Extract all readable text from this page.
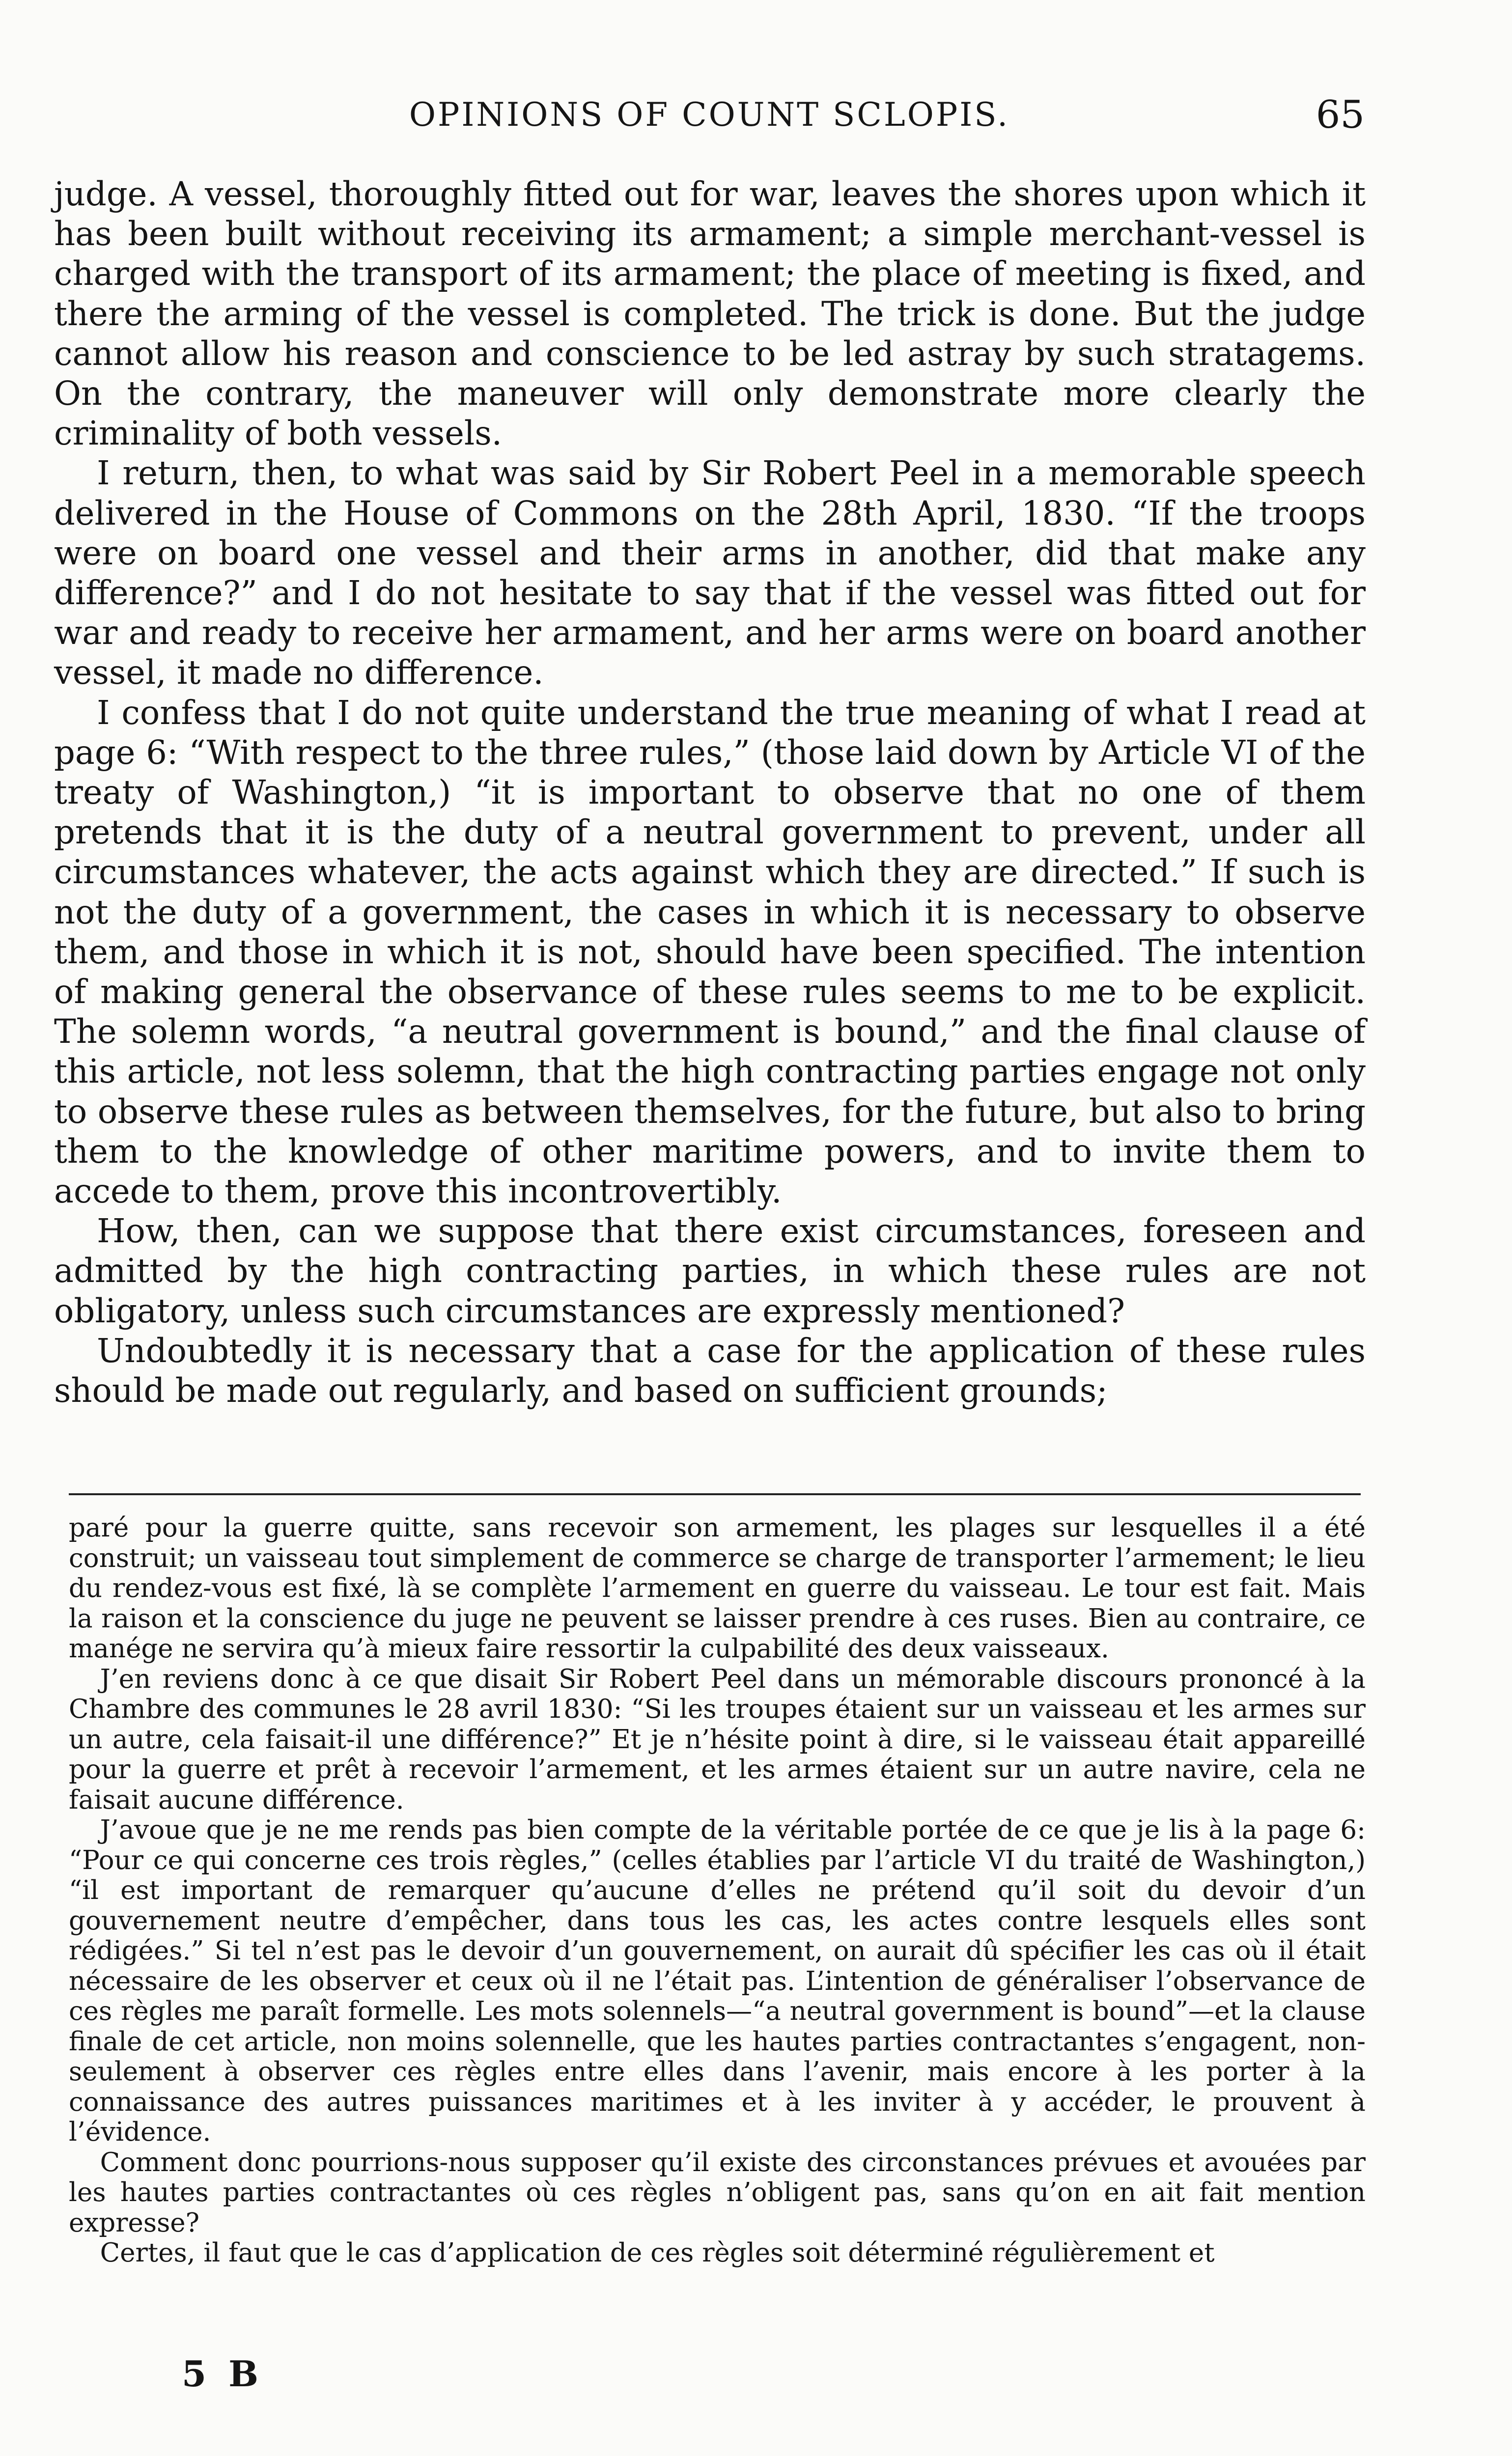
OPINIONS OF COUNT SCLOPIS.	65

judge. A vessel, thoroughly fitted out for war, leaves the shores upon which it has been built without receiving its armament; a simple merchant-vessel is charged with the transport of its armament; the place of meeting is fixed, and there the arming of the vessel is completed. The trick is done. But the judge cannot allow his reason and conscience to be led astray by such stratagems. On the contrary, the maneuver will only demonstrate more clearly the criminality of both vessels.

I return, then, to what was said by Sir Robert Peel in a memorable speech delivered in the House of Commons on the 28th April, 1830. “If the troops were on board one vessel and their arms in another, did that make any difference?” and I do not hesitate to say that if the vessel was fitted out for war and ready to receive her armament, and her arms were on board another vessel, it made no difference.

I confess that I do not quite understand the true meaning of what I read at page 6: “With respect to the three rules,” (those laid down by Article VI of the treaty of Washington,) “it is important to observe that no one of them pretends that it is the duty of a neutral government to prevent, under all circumstances whatever, the acts against which they are directed.” If such is not the duty of a government, the cases in which it is necessary to observe them, and those in which it is not, should have been specified. The intention of making general the observance of these rules seems to me to be explicit. The solemn words, “a neutral government is bound,” and the final clause of this article, not less solemn, that the high contracting parties engage not only to observe these rules as between themselves, for the future, but also to bring them to the knowledge of other maritime powers, and to invite them to accede to them, prove this incontrovertibly.

How, then, can we suppose that there exist circumstances, foreseen and admitted by the high contracting parties, in which these rules are not obligatory, unless such circumstances are expressly mentioned?

Undoubtedly it is necessary that a case for the application of these rules should be made out regularly, and based on sufficient grounds;

paré pour la guerre quitte, sans recevoir son armement, les plages sur lesquelles il a été construit; un vaisseau tout simplement de commerce se charge de transporter l’armement; le lieu du rendez-vous est fixé, là se complète l’armement en guerre du vaisseau. Le tour est fait. Mais la raison et la conscience du juge ne peuvent se laisser prendre à ces ruses. Bien au contraire, ce manége ne servira qu’à mieux faire ressortir la culpabilité des deux vaisseaux.

J’en reviens donc à ce que disait Sir Robert Peel dans un mémorable discours prononcé à la Chambre des communes le 28 avril 1830: “Si les troupes étaient sur un vaisseau et les armes sur un autre, cela faisait-il une différence?” Et je n’hésite point à dire, si le vaisseau était appareillé pour la guerre et prêt à recevoir l’armement, et les armes étaient sur un autre navire, cela ne faisait aucune différence.

J’avoue que je ne me rends pas bien compte de la véritable portée de ce que je lis à la page 6: “Pour ce qui concerne ces trois règles,” (celles établies par l’article VI du traité de Washington,) “il est important de remarquer qu’aucune d’elles ne prétend qu’il soit du devoir d’un gouvernement neutre d’empêcher, dans tous les cas, les actes contre lesquels elles sont rédigées.” Si tel n’est pas le devoir d’un gouvernement, on aurait dû spécifier les cas où il était nécessaire de les observer et ceux où il ne l’était pas. L’intention de généraliser l’observance de ces règles me paraît formelle. Les mots solennels—“a neutral government is bound”—et la clause finale de cet article, non moins solennelle, que les hautes parties contractantes s’engagent, non-seulement à observer ces règles entre elles dans l’avenir, mais encore à les porter à la connaissance des autres puissances maritimes et à les inviter à y accéder, le prouvent à l’évidence.

Comment donc pourrions-nous supposer qu’il existe des circonstances prévues et avouées par les hautes parties contractantes où ces règles n’obligent pas, sans qu’on en ait fait mention expresse?

Certes, il faut que le cas d’application de ces règles soit déterminé régulièrement et

5 B
